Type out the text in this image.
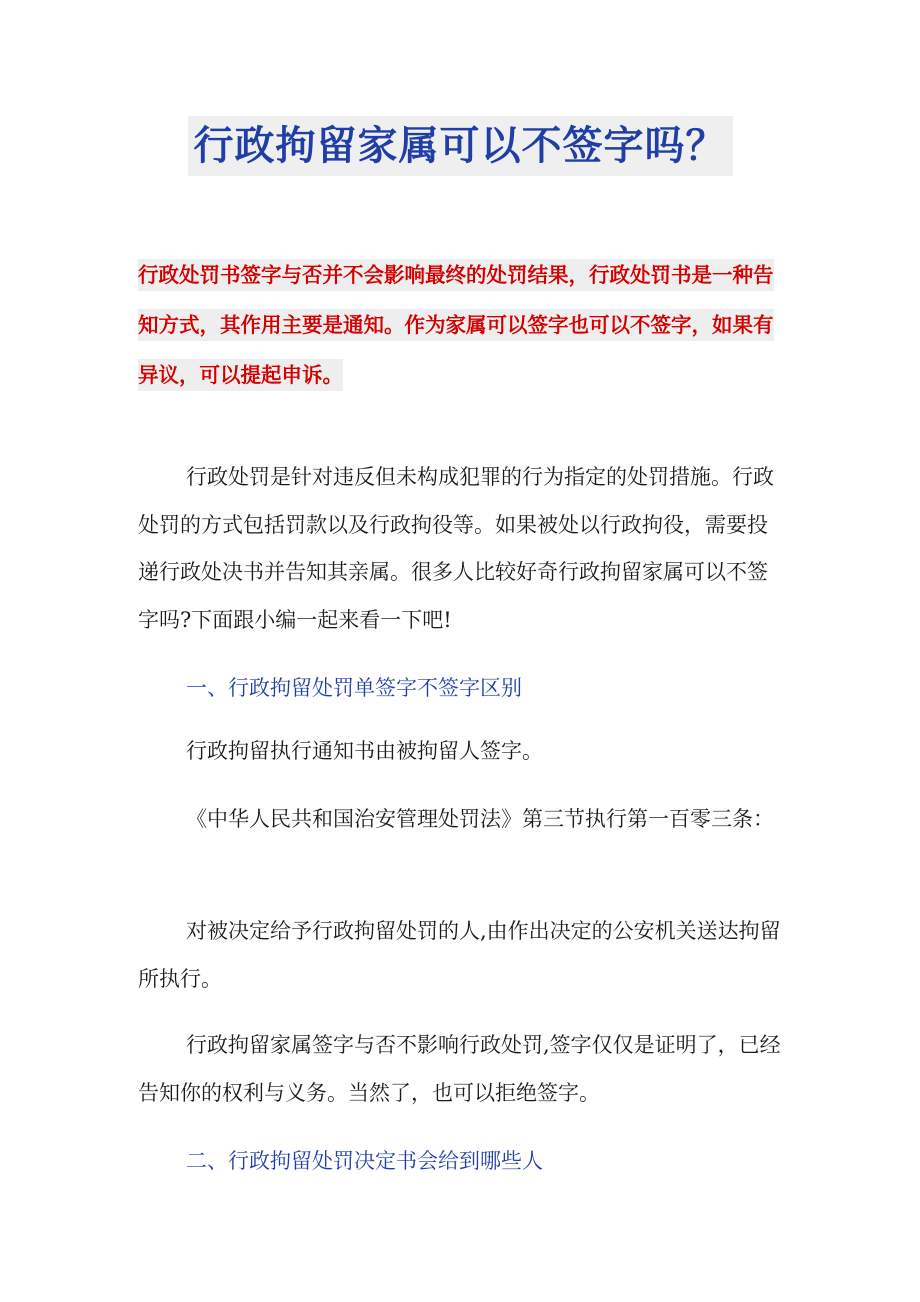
行政拘留家属可以不签字吗？
行政处罚书签字与否并不会影响最终的处罚结果，行政处罚书是一种告知方式，其作用主要是通知。作为家属可以签字也可以不签字，如果有异议，可以提起申诉。

行政处罚是针对违反但未构成犯罪的行为指定的处罚措施。行政处罚的方式包括罚款以及行政拘役等。如果被处以行政拘役，需要投递行政处决书并告知其亲属。很多人比较好奇行政拘留家属可以不签字吗?下面跟小编一起来看一下吧!

一、行政拘留处罚单签字不签字区别

行政拘留执行通知书由被拘留人签字。

《中华人民共和国治安管理处罚法》第三节执行第一百零三条：

对被决定给予行政拘留处罚的人,由作出决定的公安机关送达拘留所执行。

行政拘留家属签字与否不影响行政处罚,签字仅仅是证明了，已经告知你的权利与义务。当然了，也可以拒绝签字。

二、行政拘留处罚决定书会给到哪些人
